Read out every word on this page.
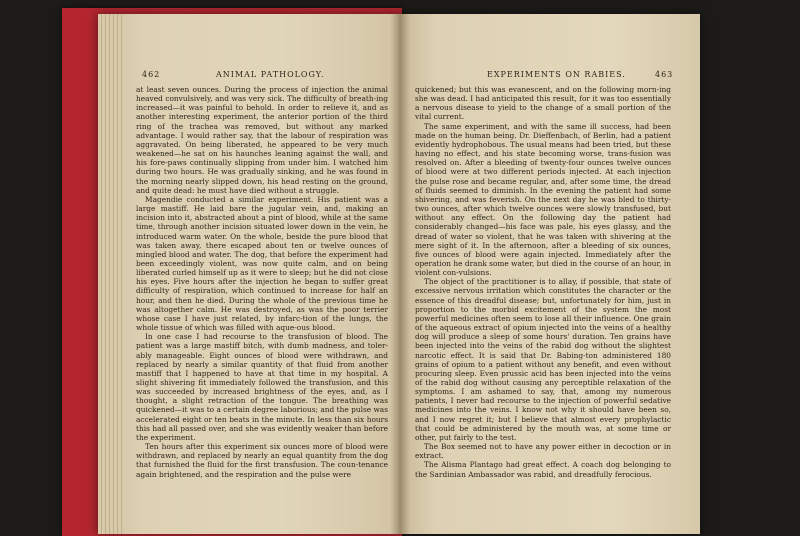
462	ANIMAL PATHOLOGY.

at least seven ounces. During the process of injection the animal heaved convulsively, and was very sick. The difficulty of breath-ing increased—it was painful to behold. In order to relieve it, and as another interesting experiment, the anterior portion of the third ring of the trachea was removed, but without any marked advantage. I would rather say, that the labour of respiration was aggravated. On being liberated, he appeared to be very much weakened—he sat on his haunches leaning against the wall, and his fore-paws continually slipping from under him. I watched him during two hours. He was gradually sinking, and he was found in the morning nearly slipped down, his head resting on the ground, and quite dead: he must have died without a struggle.

Magendie conducted a similar experiment. His patient was a large mastiff. He laid bare the jugular vein, and, making an incision into it, abstracted about a pint of blood, while at the same time, through another incision situated lower down in the vein, he introduced warm water. On the whole, beside the pure blood that was taken away, there escaped about ten or twelve ounces of mingled blood and water. The dog, that before the experiment had been exceedingly violent, was now quite calm, and on being liberated curled himself up as it were to sleep; but he did not close his eyes. Five hours after the injection he began to suffer great difficulty of respiration, which continued to increase for half an hour, and then he died. During the whole of the previous time he was altogether calm. He was destroyed, as was the poor terrier whose case I have just related, by infarc-tion of the lungs, the whole tissue of which was filled with aque-ous blood.

In one case I had recourse to the transfusion of blood. The patient was a large mastiff bitch, with dumb madness, and toler-ably manageable. Eight ounces of blood were withdrawn, and replaced by nearly a similar quantity of that fluid from another mastiff that I happened to have at that time in my hospital. A slight shivering fit immediately followed the transfusion, and this was succeeded by increased brightness of the eyes, and, as I thought, a slight retraction of the tongue. The breathing was quickened—it was to a certain degree laborious; and the pulse was accelerated eight or ten beats in the minute. In less than six hours this had all passed over, and she was evidently weaker than before the experiment.

Ten hours after this experiment six ounces more of blood were withdrawn, and replaced by nearly an equal quantity from the dog that furnished the fluid for the first transfusion. The coun-tenance again brightened, and the respiration and the pulse were

EXPERIMENTS ON RABIES.	463

quickened; but this was evanescent, and on the following morn-ing she was dead. I had anticipated this result, for it was too essentially a nervous disease to yield to the change of a small portion of the vital current.

The same experiment, and with the same ill success, had been made on the human being. Dr. Dieffenbach, of Berlin, had a patient evidently hydrophobous. The usual means had been tried, but these having no effect, and his state becoming worse, trans-fusion was resolved on. After a bleeding of twenty-four ounces twelve ounces of blood were at two different periods injected. At each injection the pulse rose and became regular, and, after some time, the dread of fluids seemed to diminish. In the evening the patient had some shivering, and was feverish. On the next day he was bled to thirty-two ounces, after which twelve ounces were slowly transfused, but without any effect. On the following day the patient had considerably changed—his face was pale, his eyes glassy, and the dread of water so violent, that he was taken with shivering at the mere sight of it. In the afternoon, after a bleeding of six ounces, five ounces of blood were again injected. Immediately after the operation he drank some water, but died in the course of an hour, in violent con-vulsions.

The object of the practitioner is to allay, if possible, that state of excessive nervous irritation which constitutes the character or the essence of this dreadful disease; but, unfortunately for him, just in proportion to the morbid excitement of the system the most powerful medicines often seem to lose all their influence. One grain of the aqueous extract of opium injected into the veins of a healthy dog will produce a sleep of some hours' duration. Ten grains have been injected into the veins of the rabid dog without the slightest narcotic effect. It is said that Dr. Babing-ton administered 180 grains of opium to a patient without any benefit, and even without procuring sleep. Even prussic acid has been injected into the veins of the rabid dog without causing any perceptible relaxation of the symptoms. I am ashamed to say, that, among my numerous patients, I never had recourse to the injection of powerful sedative medicines into the veins. I know not why it should have been so, and I now regret it; but I believe that almost every prophylactic that could be administered by the mouth was, at some time or other, put fairly to the test.

The Box seemed not to have any power either in decoction or in extract.

The Alisma Plantago had great effect. A coach dog belonging to the Sardinian Ambassador was rabid, and dreadfully ferocious.
